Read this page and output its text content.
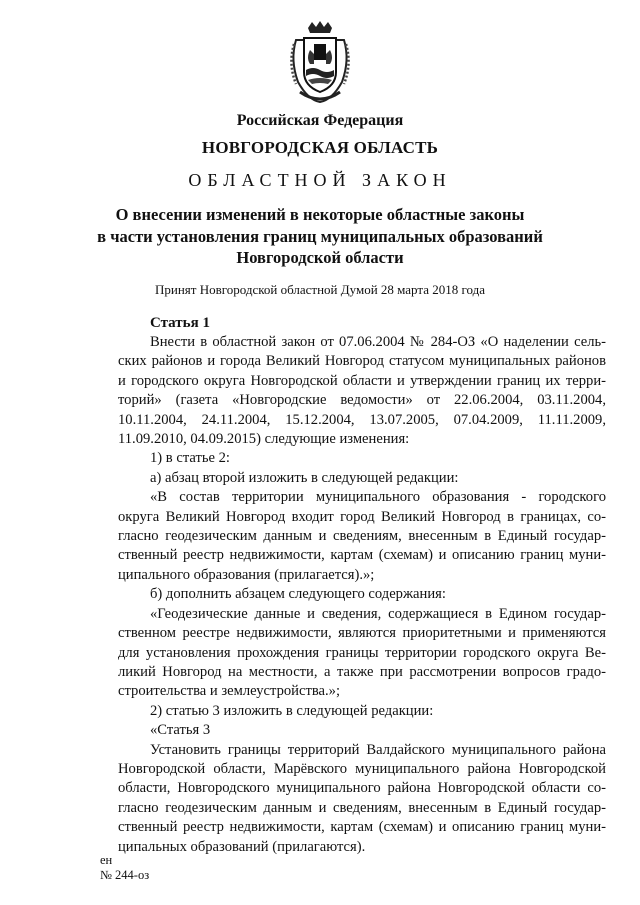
Российская Федерация
НОВГОРОДСКАЯ ОБЛАСТЬ
ОБЛАСТНОЙ ЗАКОН
О внесении изменений в некоторые областные законы
в части установления границ муниципальных образований
Новгородской области
Принят Новгородской областной Думой 28 марта 2018 года
Статья 1

Внести в областной закон от 07.06.2004 № 284-ОЗ «О наделении сель-

ских районов и города Великий Новгород статусом муниципальных районов

и городского округа Новгородской области и утверждении границ их терри-

торий» (газета «Новгородские ведомости» от 22.06.2004, 03.11.2004,

10.11.2004, 24.11.2004, 15.12.2004, 13.07.2005, 07.04.2009, 11.11.2009,

11.09.2010, 04.09.2015) следующие изменения:

1) в статье 2:

а) абзац второй изложить в следующей редакции:

«В состав территории муниципального образования - городского

округа Великий Новгород входит город Великий Новгород в границах, со-

гласно геодезическим данным и сведениям, внесенным в Единый государ-

ственный реестр недвижимости, картам (схемам) и описанию границ муни-

ципального образования (прилагается).»;

б) дополнить абзацем следующего содержания:

«Геодезические данные и сведения, содержащиеся в Едином государ-

ственном реестре недвижимости, являются приоритетными и применяются

для установления прохождения границы территории городского округа Ве-

ликий Новгород на местности, а также при рассмотрении вопросов градо-

строительства и землеустройства.»;

2) статью 3 изложить в следующей редакции:

«Статья 3

Установить границы территорий Валдайского муниципального района

Новгородской области, Марёвского муниципального района Новгородской

области, Новгородского муниципального района Новгородской области со-

гласно геодезическим данным и сведениям, внесенным в Единый государ-

ственный реестр недвижимости, картам (схемам) и описанию границ муни-

ципальных образований (прилагаются).

ен
№ 244-оз
